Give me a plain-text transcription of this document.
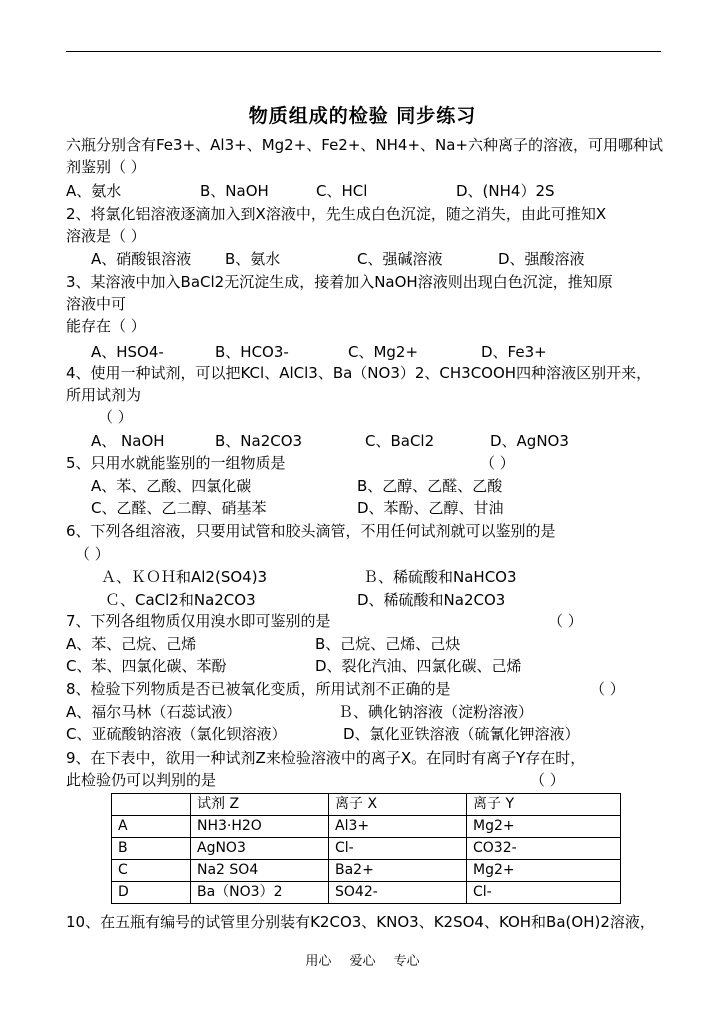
物质组成的检验 同步练习
六瓶分别含有Fe3+、Al3+、Mg2+、Fe2+、NH4+、Na+六种离子的溶液，可用哪种试
剂鉴别（ ）
A、氨水	B、NaOH	C、HCl	D、(NH4）2S
2、将氯化铝溶液逐滴加入到X溶液中，先生成白色沉淀，随之消失，由此可推知X
溶液是（ ）
A、硝酸银溶液 B、氨水	C、强碱溶液	D、强酸溶液
3、某溶液中加入BaCl2无沉淀生成，接着加入NaOH溶液则出现白色沉淀，推知原
溶液中可
能存在（ ）
A、HSO4-	B、HCO3-	C、Mg2+	D、Fe3+
4、使用一种试剂，可以把KCl、AlCl3、Ba（NO3）2、CH3COOH四种溶液区别开来，
所用试剂为
（ ）
A、 NaOH	B、Na2CO3	C、BaCl2	D、AgNO3
5、只用水就能鉴别的一组物质是	（ ）
A、苯、乙酸、四氯化碳	B、乙醇、乙醛、乙酸
C、乙醛、乙二醇、硝基苯	D、苯酚、乙醇、甘油
6、下列各组溶液，只要用试管和胶头滴管，不用任何试剂就可以鉴别的是
（ ）
Ａ、ＫＯＨ和Al2(SO4)3	Ｂ、稀硫酸和NaHCO3
Ｃ、CaCl2和Na2CO3	D、稀硫酸和Na2CO3
7、下列各组物质仅用溴水即可鉴别的是	（ ）
A、苯、己烷、己烯	B、己烷、己烯、己炔
C、苯、四氯化碳、苯酚	D、裂化汽油、四氯化碳、己烯
8、检验下列物质是否已被氧化变质，所用试剂不正确的是	（ ）
A、福尔马林（石蕊试液）	Ｂ、碘化钠溶液（淀粉溶液）
C、亚硫酸钠溶液（氯化钡溶液）	D、氯化亚铁溶液（硫氰化钾溶液）
9、在下表中，欲用一种试剂Z来检验溶液中的离子X。在同时有离子Y存在时，
此检验仍可以判别的是	（ ）
	试剂 Z	离子 X	离子 Y
A	NH3·H2O	Al3+	Mg2+
B	AgNO3	Cl-	CO32-
C	Na2 SO4	Ba2+	Mg2+
D	Ba（NO3）2	SO42-	Cl-
10、在五瓶有编号的试管里分别装有K2CO3、KNO3、K2SO4、KOH和Ba(OH)2溶液，
用心 爱心 专心
